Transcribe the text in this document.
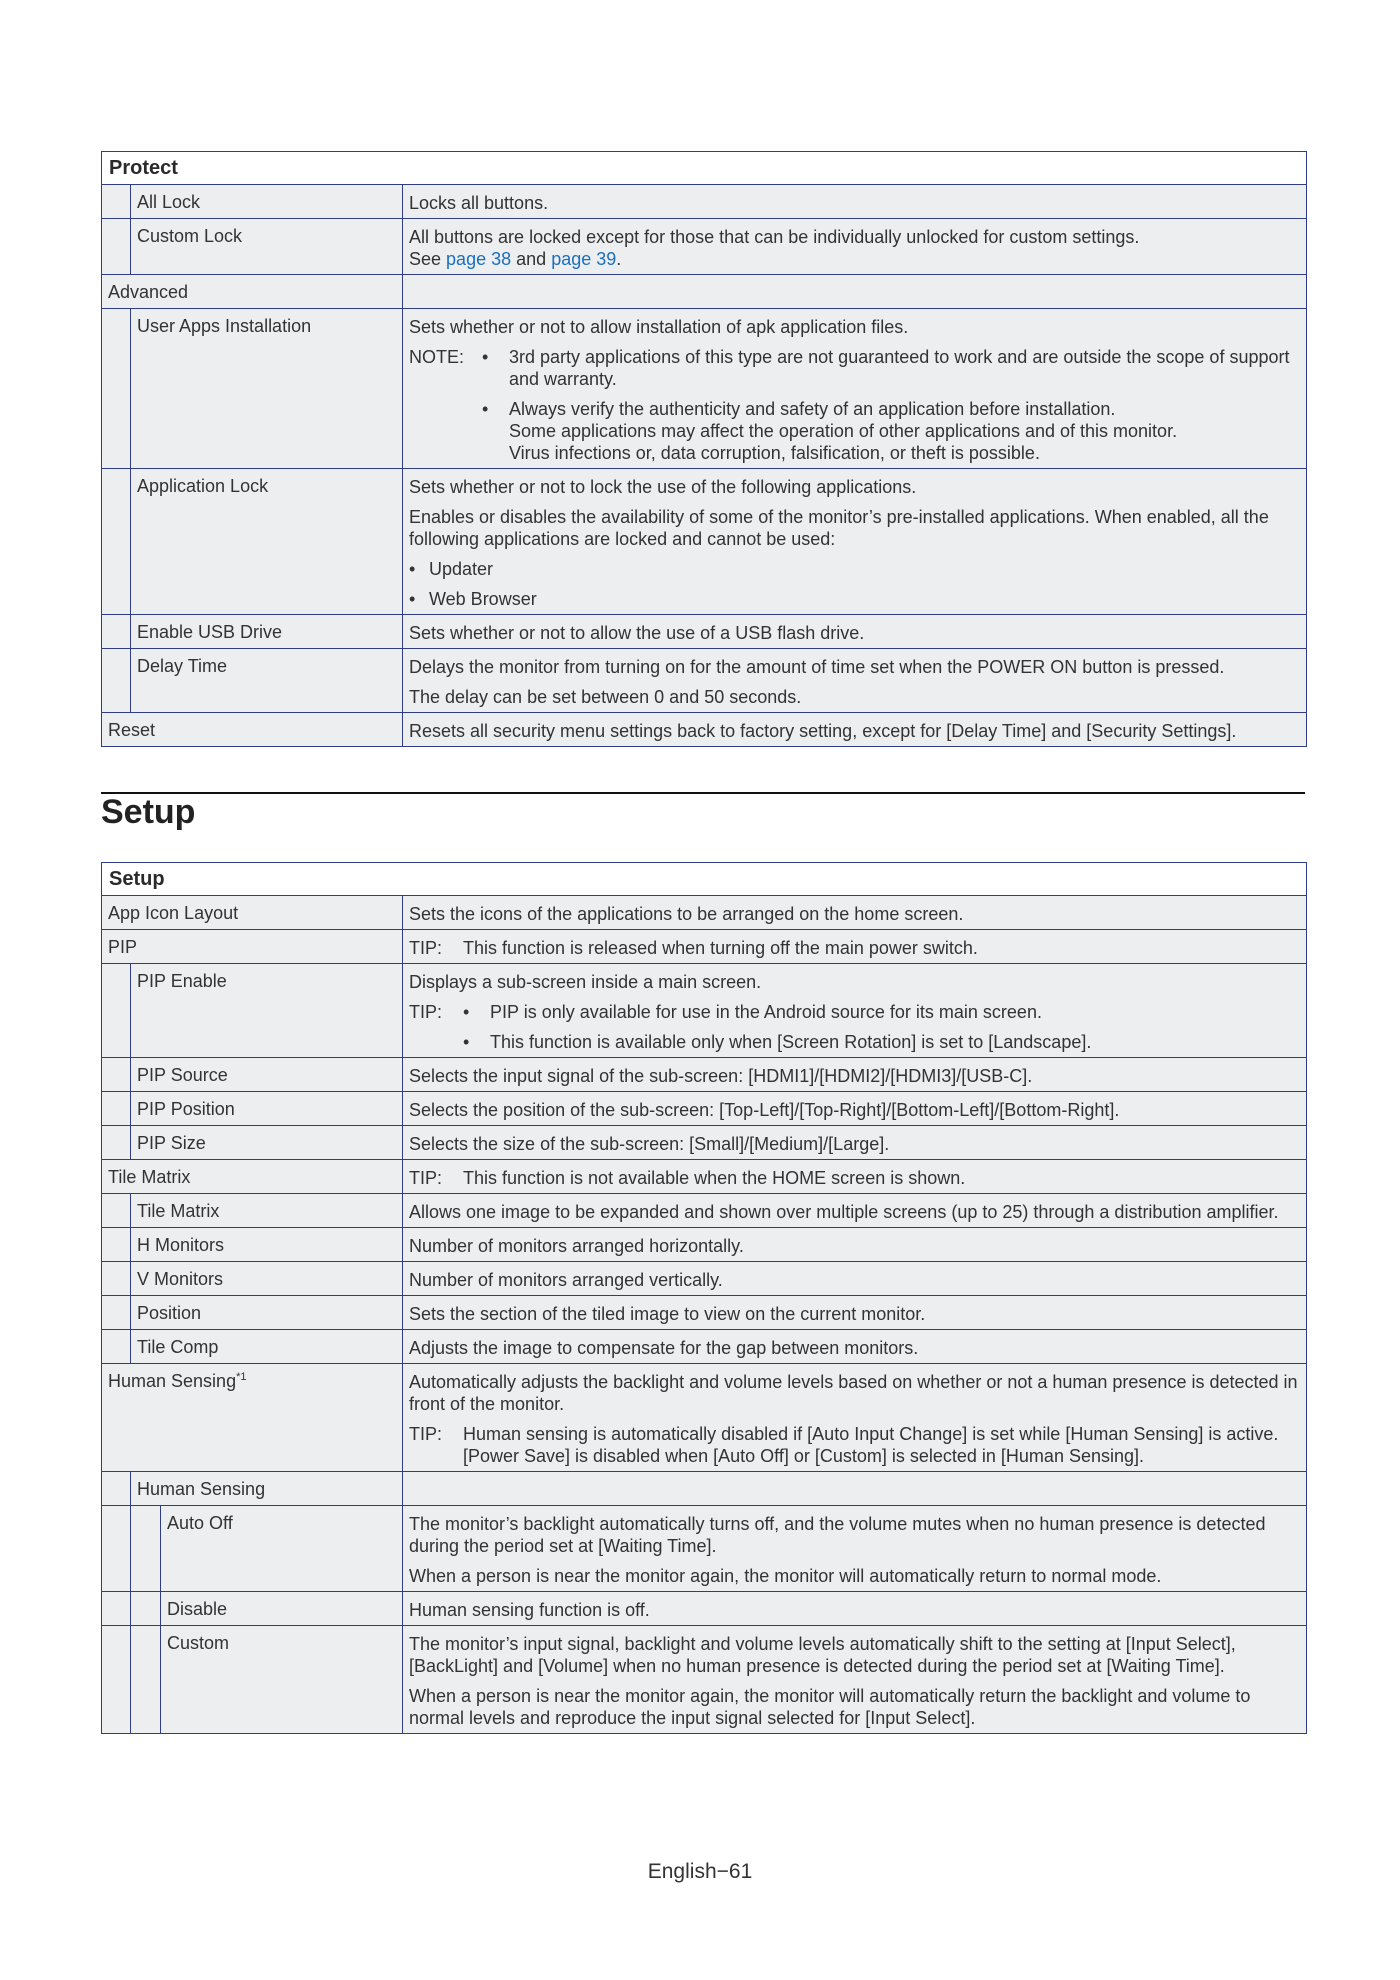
Protect
All Lock	Locks all buttons.
Custom Lock	All buttons are locked except for those that can be individually unlocked for custom settings.
See page 38 and page 39.
Advanced
User Apps Installation	Sets whether or not to allow installation of apk application files.

NOTE: •	3rd party applications of this type are not guaranteed to work and are outside the scope of support and warranty.
•	Always verify the authenticity and safety of an application before installation.
Some applications may affect the operation of other applications and of this monitor.
Virus infections or, data corruption, falsification, or theft is possible.
Application Lock	Sets whether or not to lock the use of the following applications.

Enables or disables the availability of some of the monitor’s pre-installed applications. When enabled, all the following applications are locked and cannot be used:

• Updater
• Web Browser
Enable USB Drive	Sets whether or not to allow the use of a USB flash drive.
Delay Time	Delays the monitor from turning on for the amount of time set when the POWER ON button is pressed.

The delay can be set between 0 and 50 seconds.

Reset	Resets all security menu settings back to factory setting, except for [Delay Time] and [Security Settings].
Setup
Setup
App Icon Layout	Sets the icons of the applications to be arranged on the home screen.
PIP	TIP:	This function is released when turning off the main power switch.
PIP Enable	Displays a sub-screen inside a main screen.

TIP:	•	PIP is only available for use in the Android source for its main screen.
•	This function is available only when [Screen Rotation] is set to [Landscape].
PIP Source	Selects the input signal of the sub-screen: [HDMI1]/[HDMI2]/[HDMI3]/[USB-C].
PIP Position	Selects the position of the sub-screen: [Top-Left]/[Top-Right]/[Bottom-Left]/[Bottom-Right].
PIP Size	Selects the size of the sub-screen: [Small]/[Medium]/[Large].
Tile Matrix	TIP:	This function is not available when the HOME screen is shown.
Tile Matrix	Allows one image to be expanded and shown over multiple screens (up to 25) through a distribution amplifier.
H Monitors	Number of monitors arranged horizontally.
V Monitors	Number of monitors arranged vertically.
Position	Sets the section of the tiled image to view on the current monitor.
Tile Comp	Adjusts the image to compensate for the gap between monitors.
Human Sensing$^{*1}$	Automatically adjusts the backlight and volume levels based on whether or not a human presence is detected in front of the monitor.

TIP:	Human sensing is automatically disabled if [Auto Input Change] is set while [Human Sensing] is active.
[Power Save] is disabled when [Auto Off] or [Custom] is selected in [Human Sensing].
Human Sensing
Auto Off	The monitor’s backlight automatically turns off, and the volume mutes when no human presence is detected during the period set at [Waiting Time].

When a person is near the monitor again, the monitor will automatically return to normal mode.

Disable	Human sensing function is off.
Custom	The monitor’s input signal, backlight and volume levels automatically shift to the setting at [Input Select], [BackLight] and [Volume] when no human presence is detected during the period set at [Waiting Time].

When a person is near the monitor again, the monitor will automatically return the backlight and volume to normal levels and reproduce the input signal selected for [Input Select].

English−61
